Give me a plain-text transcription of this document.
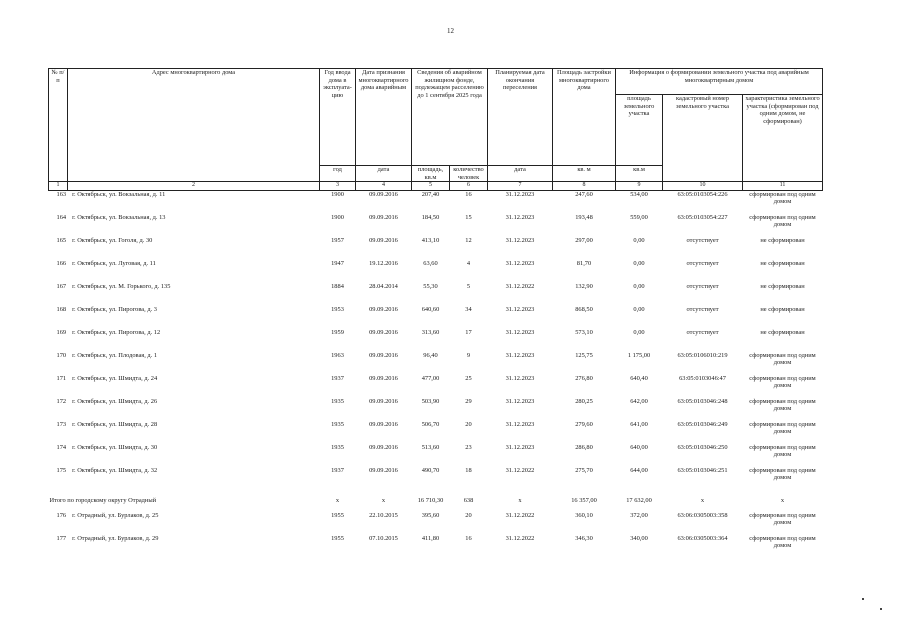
12
№ п/п	Адрес многоквартирного дома	Год ввода дома в эксплуата-цию	Дата признания многоквартирного дома аварийным	Сведения об аварийном жилищном фонде, подлежащем расселению до 1 сентября 2025 года		Планируемая дата окончания переселения	Площадь застройки многоквартирного дома	Информация о формировании земельного участка под аварийным многоквартирным домом		
								площадь земельного участка	кадастровый номер земельного участка	характеристика земельного участка (сформирован под одним домом, не сформирован)
		год	дата	площадь, кв.м	количество человек	дата	кв. м	кв.м		
1	2	3	4	5	6	7	8	9	10	11
163 г. Октябрьск, ул. Вокзальная, д. 11		1900	09.09.2016	207,40	16	31.12.2023	247,60	534,00	63:05:0103054:226	сформирован под одним домом
164 г. Октябрьск, ул. Вокзальная, д. 13		1900	09.09.2016	184,50	15	31.12.2023	193,48	559,00	63:05:0103054:227	сформирован под одним домом
165 г. Октябрьск, ул. Гоголя, д. 30		1957	09.09.2016	413,10	12	31.12.2023	297,00	0,00	отсутствует	не сформирован
166 г. Октябрьск, ул. Луговая, д. 11		1947	19.12.2016	63,60	4	31.12.2023	81,70	0,00	отсутствует	не сформирован
167 г. Октябрьск, ул. М. Горького, д. 135		1884	28.04.2014	55,30	5	31.12.2022	132,90	0,00	отсутствует	не сформирован
168 г. Октябрьск, ул. Пирогова, д. 3		1953	09.09.2016	640,60	34	31.12.2023	868,50	0,00	отсутствует	не сформирован
169 г. Октябрьск, ул. Пирогова, д. 12		1959	09.09.2016	313,60	17	31.12.2023	573,10	0,00	отсутствует	не сформирован
170 г. Октябрьск, ул. Плодовая, д. 1		1963	09.09.2016	96,40	9	31.12.2023	125,75	1 175,00	63:05:0106010:219	сформирован под одним домом
171 г. Октябрьск, ул. Шмидта, д. 24		1937	09.09.2016	477,00	25	31.12.2023	276,80	640,40	63:05:0103046:47	сформирован под одним домом
172 г. Октябрьск, ул. Шмидта, д. 26		1935	09.09.2016	503,90	29	31.12.2023	280,25	642,00	63:05:0103046:248	сформирован под одним домом
173 г. Октябрьск, ул. Шмидта, д. 28		1935	09.09.2016	506,70	20	31.12.2023	279,60	641,00	63:05:0103046:249	сформирован под одним домом
174 г. Октябрьск, ул. Шмидта, д. 30		1935	09.09.2016	513,60	23	31.12.2023	286,80	640,00	63:05:0103046:250	сформирован под одним домом
175 г. Октябрьск, ул. Шмидта, д. 32		1937	09.09.2016	490,70	18	31.12.2022	275,70	644,00	63:05:0103046:251	сформирован под одним домом
Итого по городскому округу Отрадный		x	x	16 710,30	638	x	16 357,00	17 632,00	x	x
176 г. Отрадный, ул. Бурлаков, д. 25		1955	22.10.2015	395,60	20	31.12.2022	360,10	372,00	63:06:0305003:358	сформирован под одним домом
177 г. Отрадный, ул. Бурлаков, д. 29		1955	07.10.2015	411,80	16	31.12.2022	346,30	340,00	63:06:0305003:364	сформирован под одним домом
